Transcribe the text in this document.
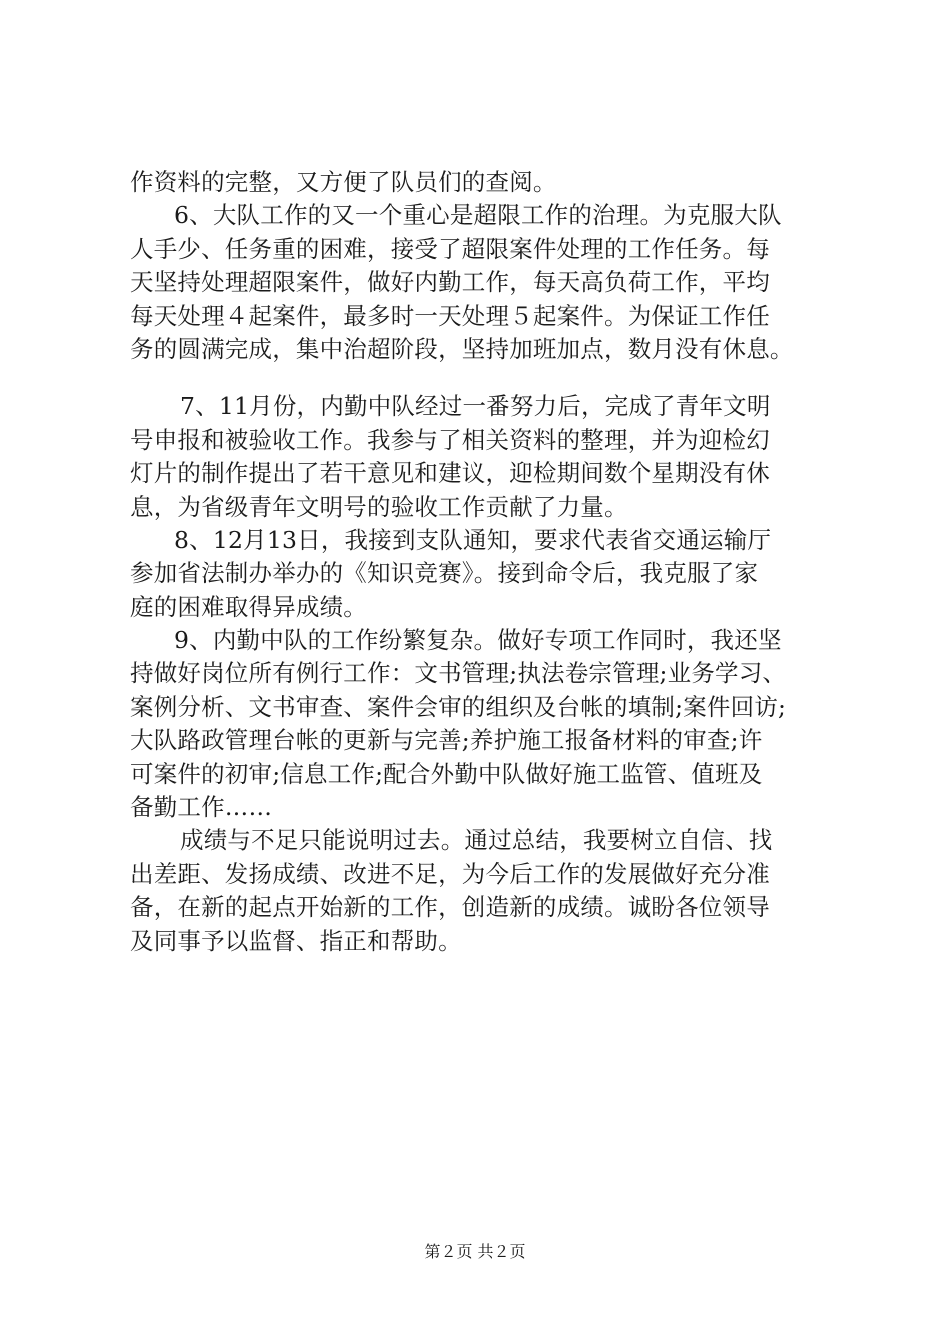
作资料的完整，又方便了队员们的查阅。
6、大队工作的又一个重心是超限工作的治理。为克服大队
人手少、任务重的困难，接受了超限案件处理的工作任务。每
天坚持处理超限案件，做好内勤工作，每天高负荷工作，平均
每天处理４起案件，最多时一天处理５起案件。为保证工作任
务的圆满完成，集中治超阶段，坚持加班加点，数月没有休息。
7、11月份，内勤中队经过一番努力后，完成了青年文明
号申报和被验收工作。我参与了相关资料的整理，并为迎检幻
灯片的制作提出了若干意见和建议，迎检期间数个星期没有休
息，为省级青年文明号的验收工作贡献了力量。
8、12月13日，我接到支队通知，要求代表省交通运输厅
参加省法制办举办的《知识竞赛》。接到命令后，我克服了家
庭的困难取得异成绩。
9、内勤中队的工作纷繁复杂。做好专项工作同时，我还坚
持做好岗位所有例行工作：文书管理;执法卷宗管理;业务学习、
案例分析、文书审查、案件会审的组织及台帐的填制;案件回访;
大队路政管理台帐的更新与完善;养护施工报备材料的审查;许
可案件的初审;信息工作;配合外勤中队做好施工监管、值班及
备勤工作……
成绩与不足只能说明过去。通过总结，我要树立自信、找
出差距、发扬成绩、改进不足，为今后工作的发展做好充分准
备，在新的起点开始新的工作，创造新的成绩。诚盼各位领导
及同事予以监督、指正和帮助。
第２页 共２页
